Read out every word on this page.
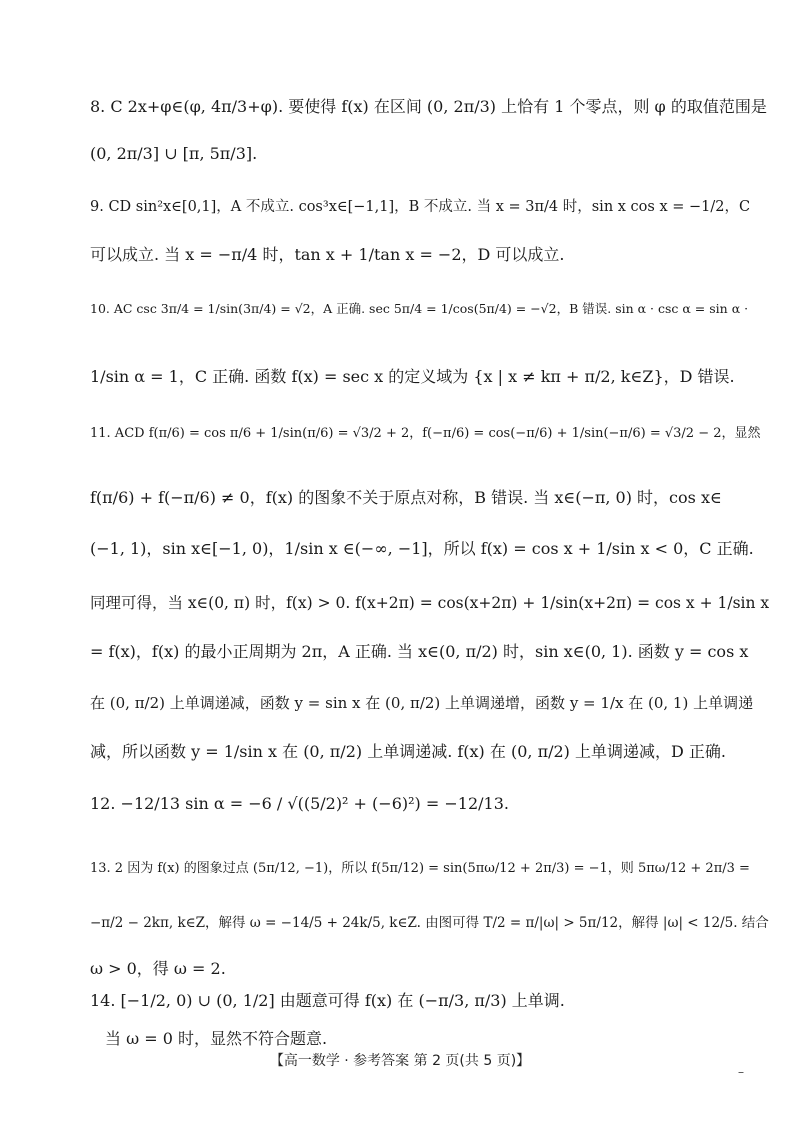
8. C 2x+φ∈(φ, 4π/3+φ). 要使得 f(x) 在区间 (0, 2π/3) 上恰有 1 个零点，则 φ 的取值范围是
(0, 2π/3] ∪ [π, 5π/3].
9. CD sin²x∈[0,1]，A 不成立. cos³x∈[−1,1]，B 不成立. 当 x = 3π/4 时，sin x cos x = −1/2，C
可以成立. 当 x = −π/4 时，tan x + 1/tan x = −2，D 可以成立.
10. AC csc 3π/4 = 1/sin(3π/4) = √2，A 正确. sec 5π/4 = 1/cos(5π/4) = −√2，B 错误. sin α · csc α = sin α ·
1/sin α = 1，C 正确. 函数 f(x) = sec x 的定义域为 {x | x ≠ kπ + π/2, k∈Z}，D 错误.
11. ACD f(π/6) = cos π/6 + 1/sin(π/6) = √3/2 + 2，f(−π/6) = cos(−π/6) + 1/sin(−π/6) = √3/2 − 2，显然
f(π/6) + f(−π/6) ≠ 0，f(x) 的图象不关于原点对称，B 错误. 当 x∈(−π, 0) 时，cos x∈
(−1, 1)，sin x∈[−1, 0)，1/sin x ∈(−∞, −1]，所以 f(x) = cos x + 1/sin x < 0，C 正确.
同理可得，当 x∈(0, π) 时，f(x) > 0. f(x+2π) = cos(x+2π) + 1/sin(x+2π) = cos x + 1/sin x
= f(x)，f(x) 的最小正周期为 2π，A 正确. 当 x∈(0, π/2) 时，sin x∈(0, 1). 函数 y = cos x
在 (0, π/2) 上单调递减，函数 y = sin x 在 (0, π/2) 上单调递增，函数 y = 1/x 在 (0, 1) 上单调递
减，所以函数 y = 1/sin x 在 (0, π/2) 上单调递减. f(x) 在 (0, π/2) 上单调递减，D 正确.
12. −12/13 sin α = −6 / √((5/2)² + (−6)²) = −12/13.
13. 2 因为 f(x) 的图象过点 (5π/12, −1)，所以 f(5π/12) = sin(5πω/12 + 2π/3) = −1，则 5πω/12 + 2π/3 =
−π/2 − 2kπ, k∈Z，解得 ω = −14/5 + 24k/5, k∈Z. 由图可得 T/2 = π/|ω| > 5π/12，解得 |ω| < 12/5. 结合
ω > 0，得 ω = 2.
14. [−1/2, 0) ∪ (0, 1/2] 由题意可得 f(x) 在 (−π/3, π/3) 上单调.
当 ω = 0 时，显然不符合题意.
【高一数学 · 参考答案 第 2 页(共 5 页)】
–
